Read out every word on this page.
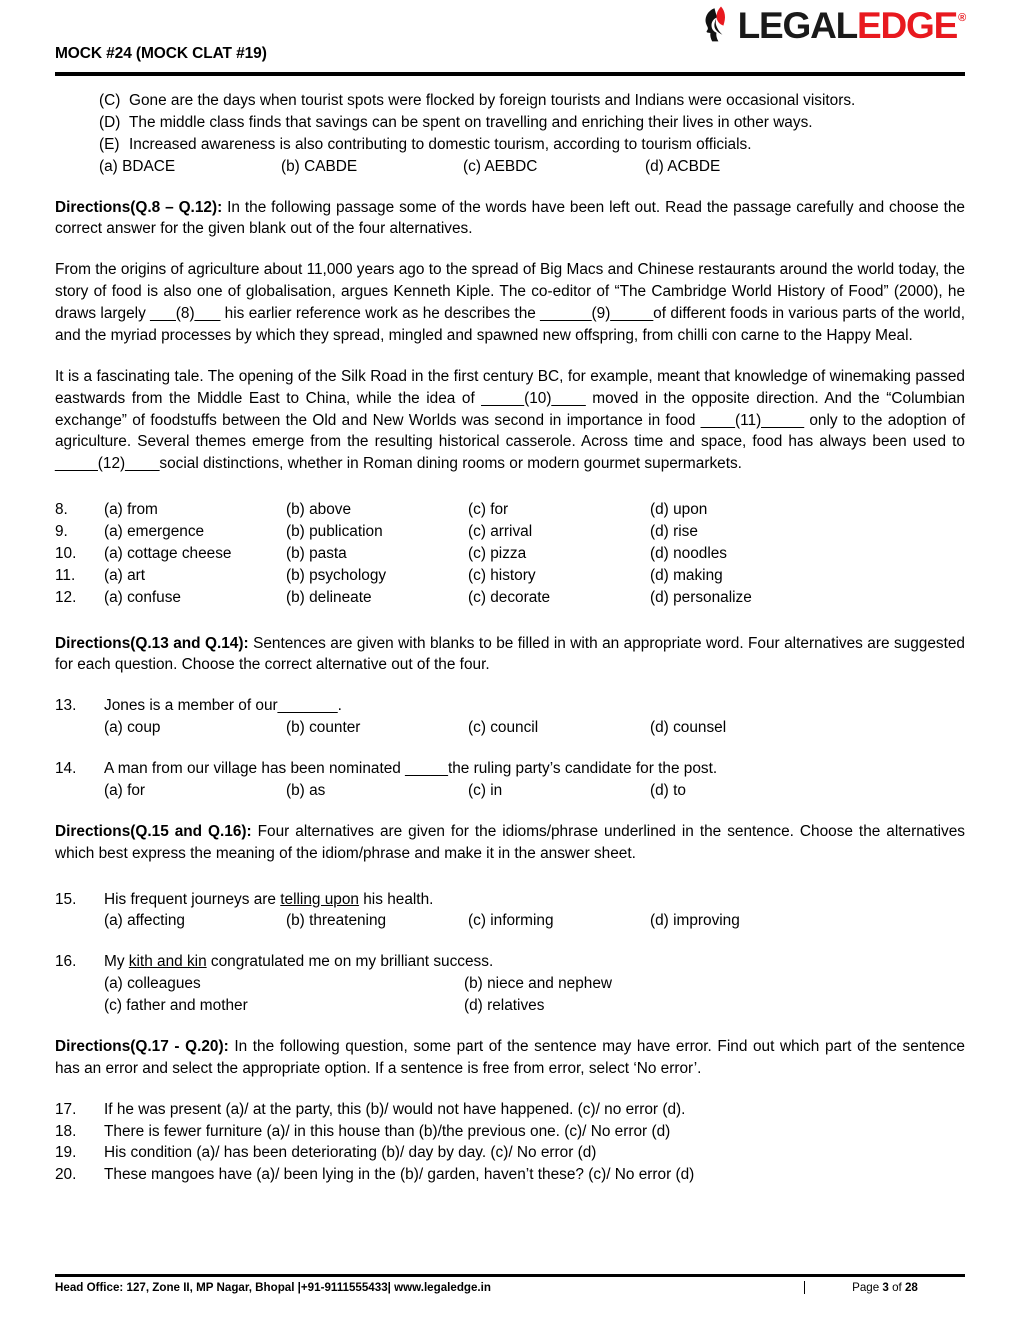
MOCK #24 (MOCK CLAT #19)
LEGAL EDGE ®
(C) Gone are the days when tourist spots were flocked by foreign tourists and Indians were occasional visitors.
(D) The middle class finds that savings can be spent on travelling and enriching their lives in other ways.
(E) Increased awareness is also contributing to domestic tourism, according to tourism officials.
(a) BDACE	(b) CABDE	(c) AEBDC	(d) ACBDE
Directions(Q.8 – Q.12): In the following passage some of the words have been left out. Read the passage carefully and choose the correct answer for the given blank out of the four alternatives.
From the origins of agriculture about 11,000 years ago to the spread of Big Macs and Chinese restaurants around the world today, the story of food is also one of globalisation, argues Kenneth Kiple. The co-editor of “The Cambridge World History of Food” (2000), he draws largely ___(8)___ his earlier reference work as he describes the ______(9)_____of different foods in various parts of the world, and the myriad processes by which they spread, mingled and spawned new offspring, from chilli con carne to the Happy Meal.
It is a fascinating tale. The opening of the Silk Road in the first century BC, for example, meant that knowledge of winemaking passed eastwards from the Middle East to China, while the idea of _____(10)____ moved in the opposite direction. And the “Columbian exchange” of foodstuffs between the Old and New Worlds was second in importance in food ____(11)_____ only to the adoption of agriculture. Several themes emerge from the resulting historical casserole. Across time and space, food has always been used to _____(12)____social distinctions, whether in Roman dining rooms or modern gourmet supermarkets.
8.	(a) from	(b) above	(c) for	(d) upon
9.	(a) emergence	(b) publication	(c) arrival	(d) rise
10.	(a) cottage cheese	(b) pasta	(c) pizza	(d) noodles
11.	(a) art	(b) psychology	(c) history	(d) making
12.	(a) confuse	(b) delineate	(c) decorate	(d) personalize
Directions(Q.13 and Q.14): Sentences are given with blanks to be filled in with an appropriate word. Four alternatives are suggested for each question. Choose the correct alternative out of the four.
13.	Jones is a member of our_______.
(a) coup	(b) counter	(c) council	(d) counsel
14.	A man from our village has been nominated _____the ruling party’s candidate for the post.
(a) for	(b) as	(c) in	(d) to
Directions(Q.15 and Q.16): Four alternatives are given for the idioms/phrase underlined in the sentence. Choose the alternatives which best express the meaning of the idiom/phrase and make it in the answer sheet.
15.	His frequent journeys are telling upon his health.
(a) affecting	(b) threatening	(c) informing	(d) improving
16.	My kith and kin congratulated me on my brilliant success.
(a) colleagues	(b) niece and nephew
(c) father and mother	(d) relatives
Directions(Q.17 - Q.20): In the following question, some part of the sentence may have error. Find out which part of the sentence has an error and select the appropriate option. If a sentence is free from error, select ‘No error’.
17.	If he was present (a)/ at the party, this (b)/ would not have happened. (c)/ no error (d).
18.	There is fewer furniture (a)/ in this house than (b)/the previous one. (c)/ No error (d)
19.	His condition (a)/ has been deteriorating (b)/ day by day. (c)/ No error (d)
20.	These mangoes have (a)/ been lying in the (b)/ garden, haven’t these? (c)/ No error (d)
Head Office: 127, Zone II, MP Nagar, Bhopal |+91-9111555433| www.legaledge.in	Page 3 of 28
